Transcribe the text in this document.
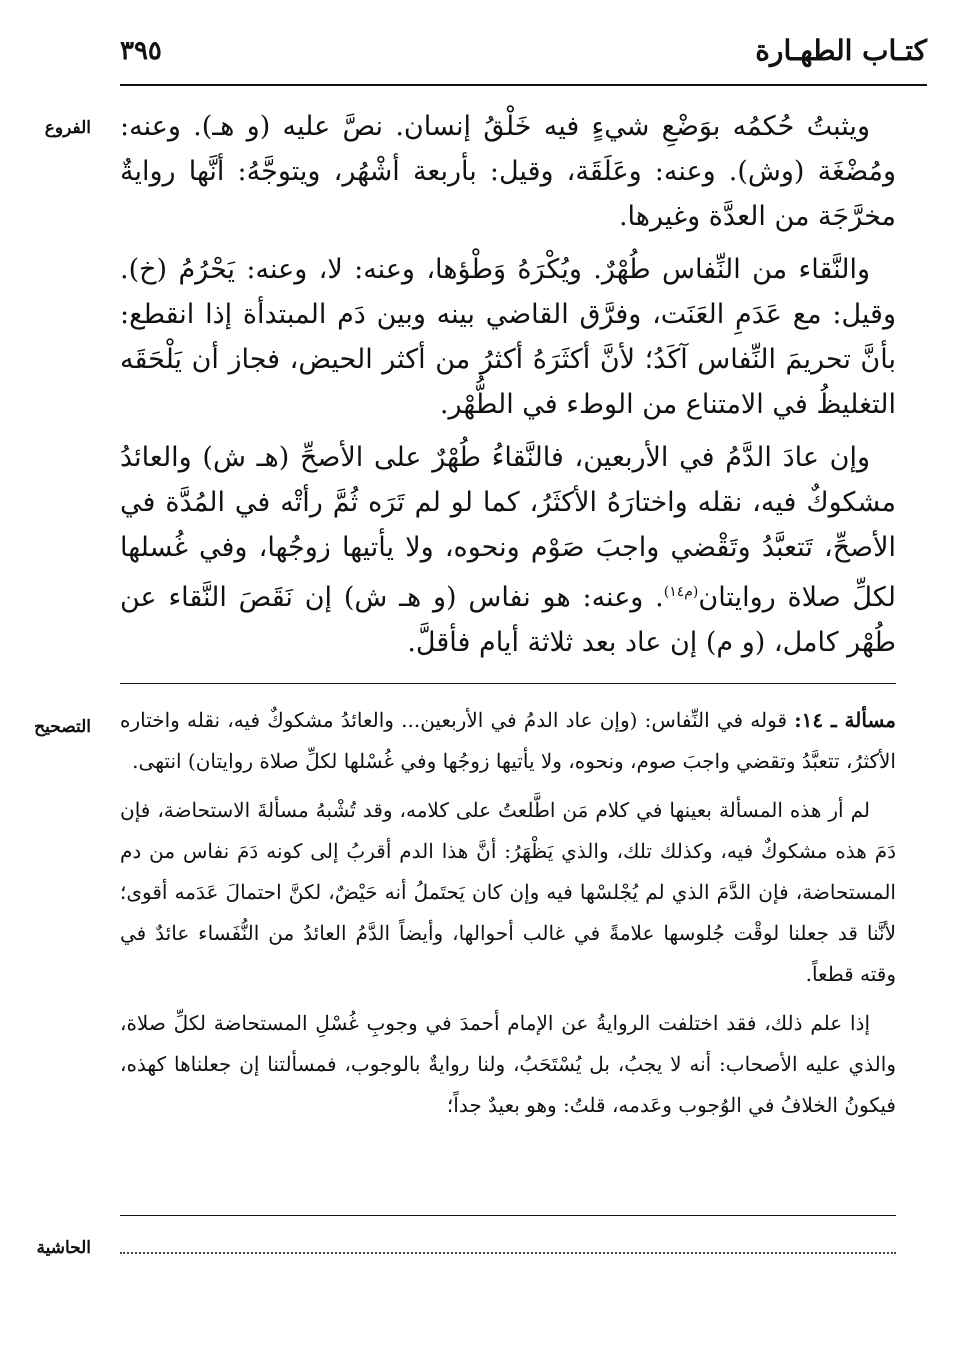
كتـاب الطهـارة
٣٩٥
الفروع
التصحيح
الحاشية

ويثبتُ حُكمُه بوَضْعِ شيءٍ فيه خَلْقُ إنسان. نصَّ عليه (و هـ). وعنه: ومُضْغَة (وش). وعنه: وعَلَقَة، وقيل: بأربعة أشْهُر، ويتوجَّهُ: أنَّها روايةٌ مخرَّجَة من العدَّة وغيرها.

والنَّقاء من النِّفاس طُهْرٌ. ويُكْرَهُ وَطْؤها، وعنه: لا، وعنه: يَحْرُمُ (خ). وقيل: مع عَدَمِ العَنَت، وفرَّق القاضي بينه وبين دَم المبتدأة إذا انقطع: بأنَّ تحريمَ النِّفاس آكَدُ؛ لأنَّ أكثَرَهُ أكثرُ من أكثر الحيض، فجاز أن يَلْحَقَه التغليظُ في الامتناع من الوطء في الطُّهْر.

وإن عادَ الدَّمُ في الأربعين، فالنَّقاءُ طُهْرٌ على الأصحِّ (هـ ش) والعائدُ مشكوكٌ فيه، نقله واختارَهُ الأكثَرُ، كما لو لم تَرَه ثُمَّ رأتْه في المُدَّة في الأصحِّ، تَتعبَّدُ وتَقْضي واجبَ صَوْم ونحوه، ولا يأتيها زوجُها، وفي غُسلها لكلِّ صلاة روايتان$^{(م١٤)}$. وعنه: هو نفاس (و هـ ش) إن نَقَصَ النَّقاء عن طُهْر كامل، (و م) إن عاد بعد ثلاثة أيام فأقلَّ.

مسألة ـ ١٤: قوله في النِّفاس: (وإن عاد الدمُ في الأربعين... والعائدُ مشكوكٌ فيه، نقله واختاره الأكثرُ، تتعبَّدُ وتقضي واجبَ صوم، ونحوه، ولا يأتيها زوجُها وفي غُسْلها لكلِّ صلاة روايتان) انتهى.

لم أر هذه المسألة بعينها في كلام مَن اطَّلعتُ على كلامه، وقد تُشْبهُ مسألةَ الاستحاضة، فإن دَمَ هذه مشكوكٌ فيه، وكذلك تلك، والذي يَظْهَرُ: أنَّ هذا الدم أقربُ إلى كونه دَمَ نفاس من دم المستحاضة، فإن الدَّمَ الذي لم يُجْلسْها فيه وإن كان يَحتَملُ أنه حَيْضٌ، لكنَّ احتمالَ عَدَمه أقوى؛ لأنَّنا قد جعلنا لوقْت جُلوسها علامةً في غالب أحوالها، وأيضاً الدَّمُ العائدُ من النُّفَساء عائدٌ في وقته قطعاً.

إذا علم ذلك، فقد اختلفت الروايةُ عن الإمام أحمدَ في وجوبِ غُسْلِ المستحاضة لكلِّ صلاة، والذي عليه الأصحاب: أنه لا يجبُ، بل يُسْتَحَبُ، ولنا روايةٌ بالوجوب، فمسألتنا إن جعلناها كهذه، فيكونُ الخلافُ في الوُجوب وعَدمه، قلتُ: وهو بعيدٌ جداً؛
